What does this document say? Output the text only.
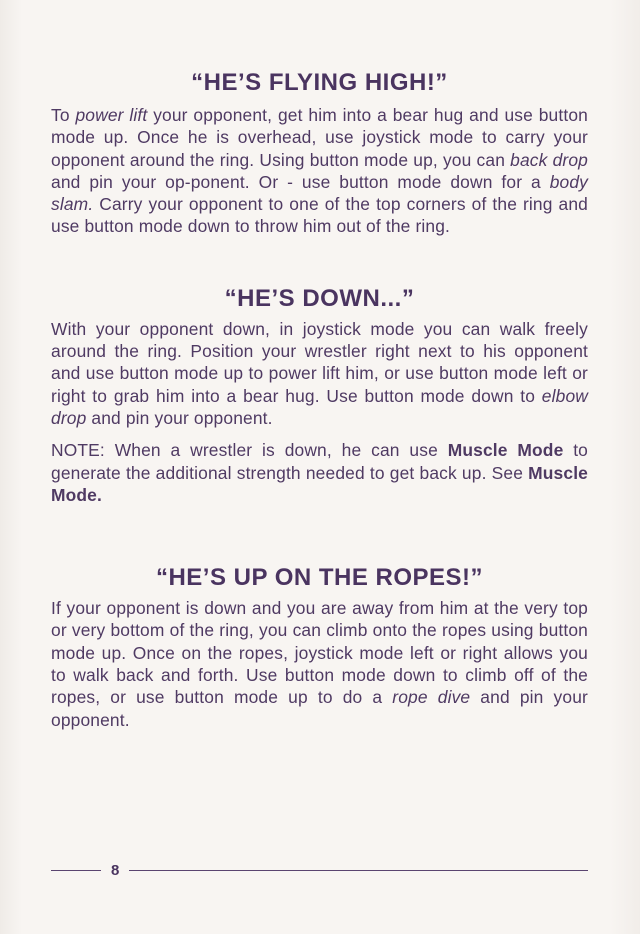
“HE’S FLYING HIGH!”

To power lift your opponent, get him into a bear hug and use button mode up. Once he is overhead, use joystick mode to carry your opponent around the ring. Using button mode up, you can back drop and pin your op-ponent. Or - use button mode down for a body slam. Carry your opponent to one of the top corners of the ring and use button mode down to throw him out of the ring.

“HE’S DOWN...”

With your opponent down, in joystick mode you can walk freely around the ring. Position your wrestler right next to his opponent and use button mode up to power lift him, or use button mode left or right to grab him into a bear hug. Use button mode down to elbow drop and pin your opponent.

NOTE: When a wrestler is down, he can use Muscle Mode to generate the additional strength needed to get back up. See Muscle Mode.

“HE’S UP ON THE ROPES!”

If your opponent is down and you are away from him at the very top or very bottom of the ring, you can climb onto the ropes using button mode up. Once on the ropes, joystick mode left or right allows you to walk back and forth. Use button mode down to climb off of the ropes, or use button mode up to do a rope dive and pin your opponent.

8
